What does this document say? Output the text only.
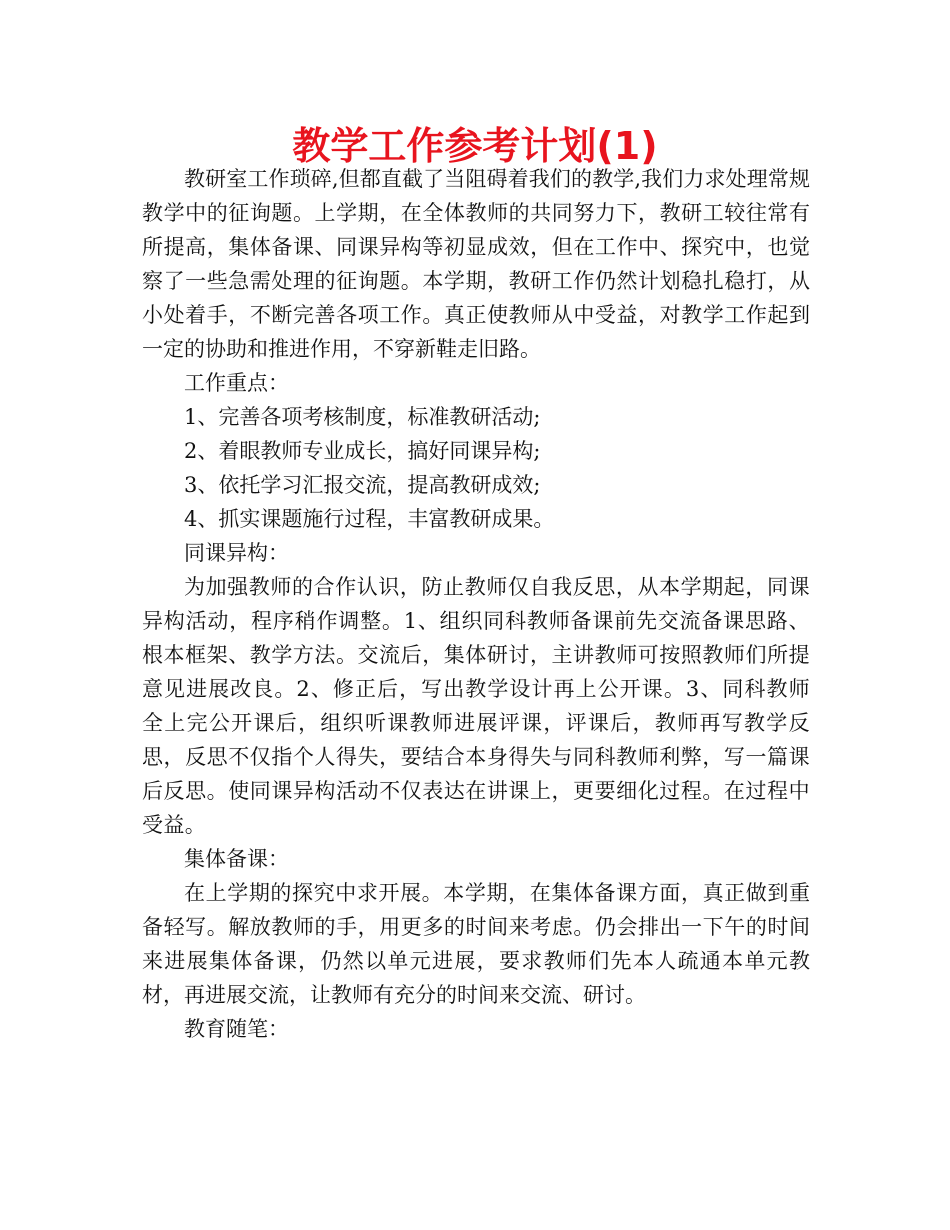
教学工作参考计划(1)

教研室工作琐碎,但都直截了当阻碍着我们的教学,我们力求处理常规教学中的征询题。上学期，在全体教师的共同努力下，教研工较往常有所提高，集体备课、同课异构等初显成效，但在工作中、探究中，也觉察了一些急需处理的征询题。本学期，教研工作仍然计划稳扎稳打，从小处着手，不断完善各项工作。真正使教师从中受益，对教学工作起到一定的协助和推进作用，不穿新鞋走旧路。

工作重点：

1、完善各项考核制度，标准教研活动;

2、着眼教师专业成长，搞好同课异构;

3、依托学习汇报交流，提高教研成效;

4、抓实课题施行过程，丰富教研成果。

同课异构：

为加强教师的合作认识，防止教师仅自我反思，从本学期起，同课异构活动，程序稍作调整。1、组织同科教师备课前先交流备课思路、根本框架、教学方法。交流后，集体研讨，主讲教师可按照教师们所提意见进展改良。2、修正后，写出教学设计再上公开课。3、同科教师全上完公开课后，组织听课教师进展评课，评课后，教师再写教学反思，反思不仅指个人得失，要结合本身得失与同科教师利弊，写一篇课后反思。使同课异构活动不仅表达在讲课上，更要细化过程。在过程中受益。

集体备课：

在上学期的探究中求开展。本学期，在集体备课方面，真正做到重备轻写。解放教师的手，用更多的时间来考虑。仍会排出一下午的时间来进展集体备课，仍然以单元进展，要求教师们先本人疏通本单元教材，再进展交流，让教师有充分的时间来交流、研讨。

教育随笔：
